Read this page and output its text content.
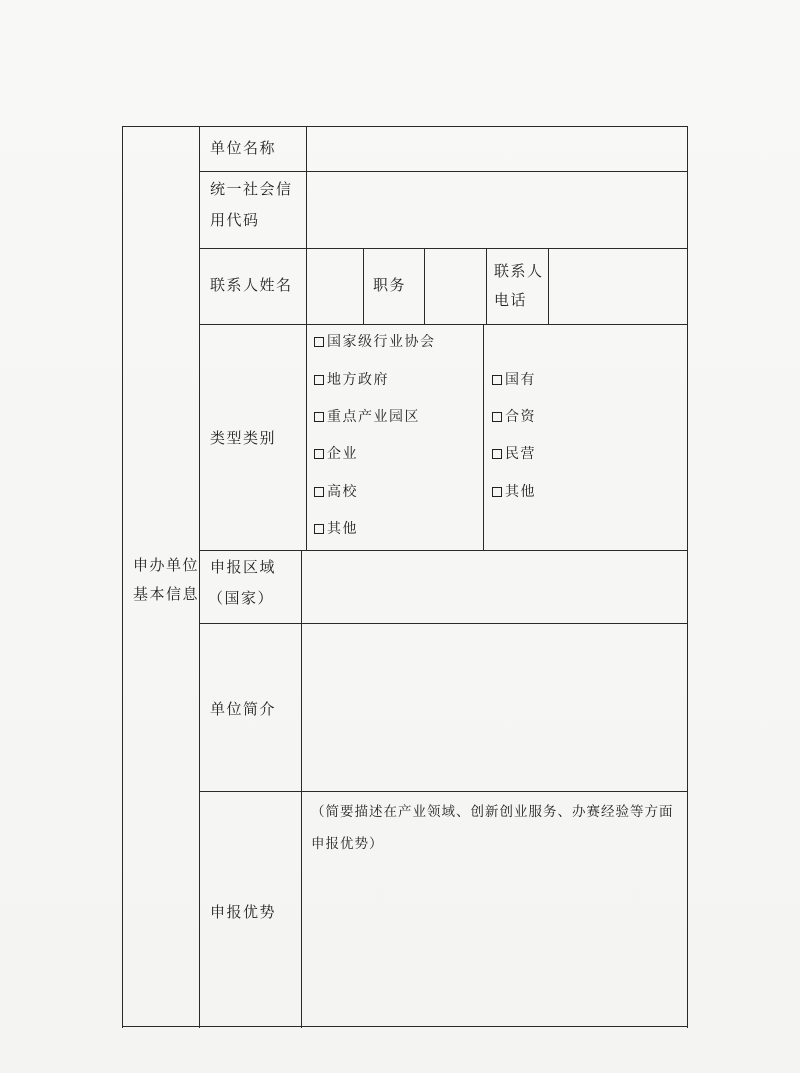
申办单位
基本信息
单位名称
统一社会信
用代码
联系人姓名	职务
联系人
电话
类型类别
国家级行业协会
地方政府
重点产业园区
企业
高校
其他
国有
合资
民营
其他
申报区域
（国家）
单位简介
申报优势
（简要描述在产业领域、创新创业服务、办赛经验等方面
申报优势）
